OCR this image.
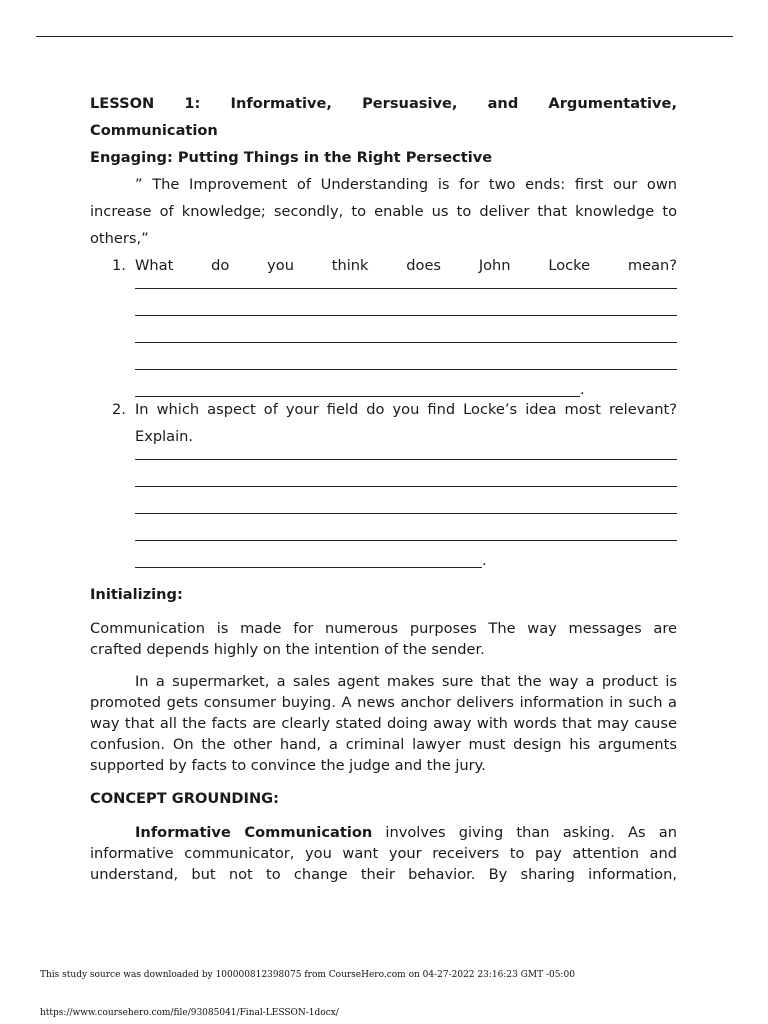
LESSON 1: Informative, Persuasive, and Argumentative,
Communication
Engaging: Putting Things in the Right Persective
” The Improvement of Understanding is for two ends: first our own
increase of knowledge; secondly, to enable us to deliver that knowledge to
others,”
1. What	do	you	think	does	John	Locke	mean?
.
2. In which aspect of your field do you find Locke’s idea most relevant?
Explain.
.
Initializing:

Communication is made for numerous purposes The way messages are
crafted depends highly on the intention of the sender.

In a supermarket, a sales agent makes sure that the way a product is promoted gets consumer buying. A news anchor delivers information in such a way that all the facts are clearly stated doing away with words that may cause confusion. On the other hand, a criminal lawyer must design his arguments supported by facts to convince the judge and the jury.

CONCEPT GROUNDING:

Informative Communication involves giving than asking. As an informative communicator, you want your receivers to pay attention and understand, but not to change their behavior. By sharing information,

This study source was downloaded by 100000812398075 from CourseHero.com on 04-27-2022 23:16:23 GMT -05:00
https://www.coursehero.com/file/93085041/Final-LESSON-1docx/
